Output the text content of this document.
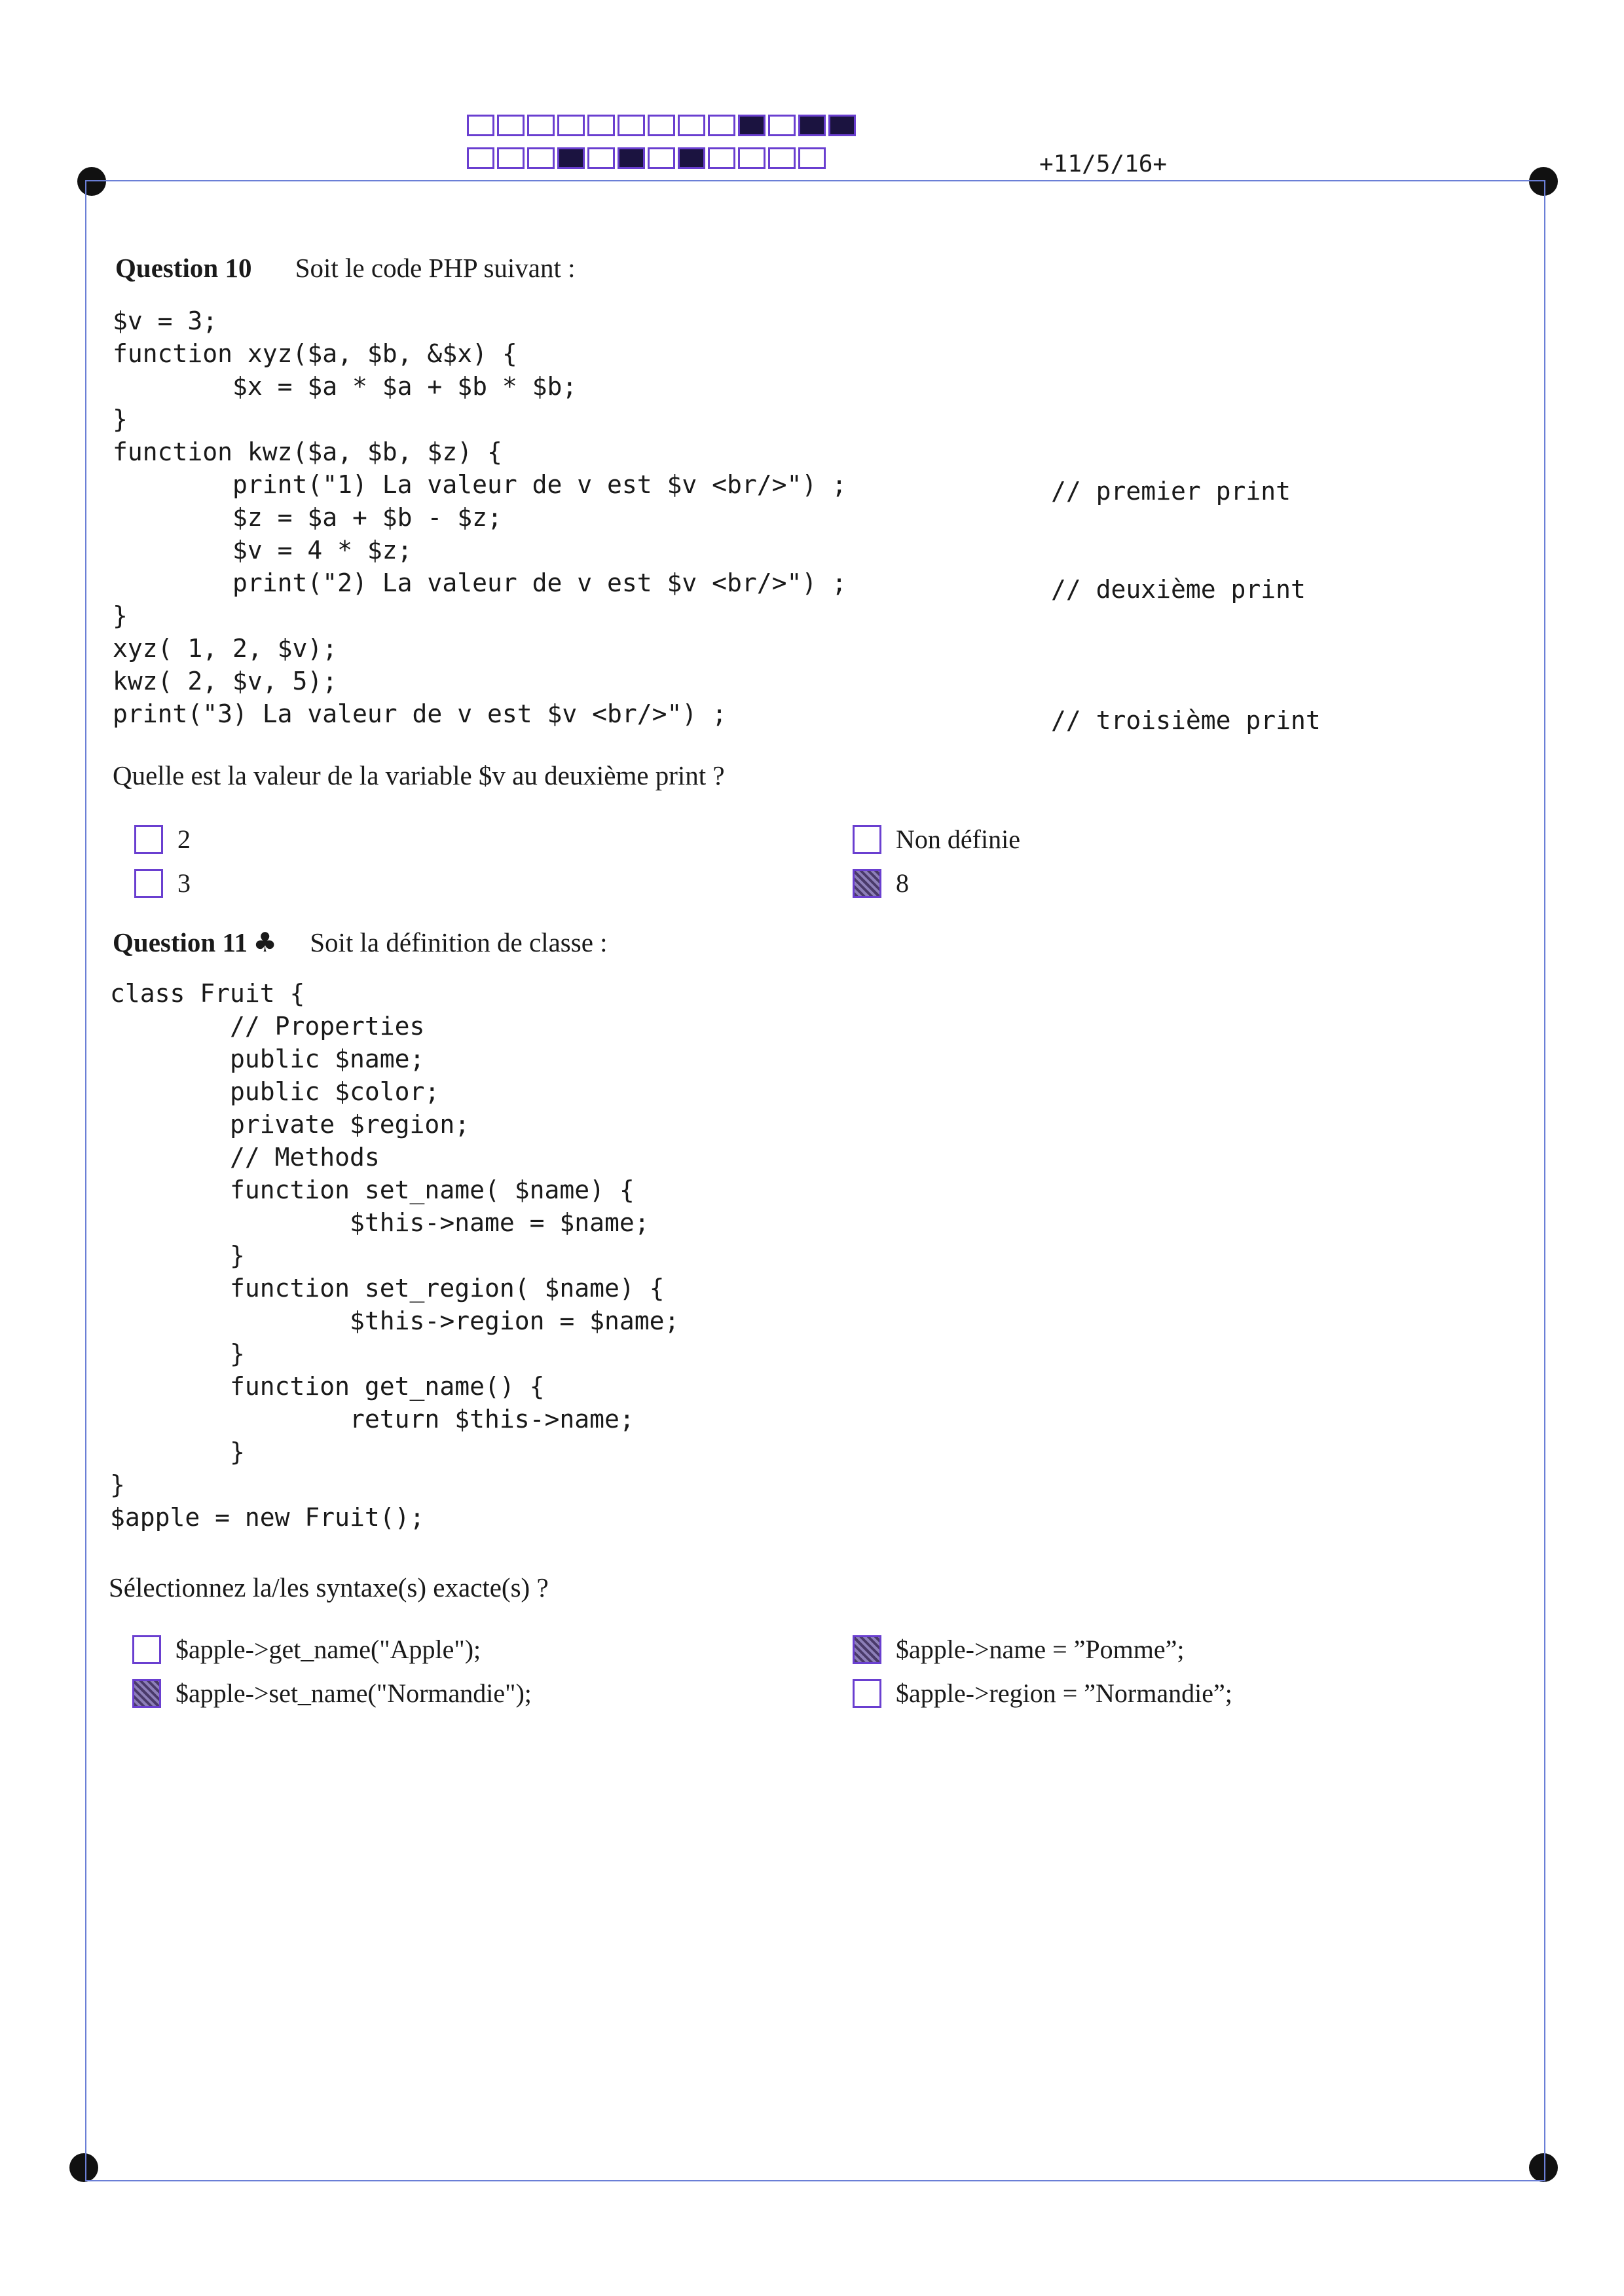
+11/5/16+
Question 10 Soit le code PHP suivant :
$v = 3;
function xyz($a, $b, &$x) {
$x = $a * $a + $b * $b;
}
function kwz($a, $b, $z) {
print("1) La valeur de v est $v <br/>") ;
$z = $a + $b - $z;
$v = 4 * $z;
print("2) La valeur de v est $v <br/>") ;
}
xyz( 1, 2, $v);
kwz( 2, $v, 5);
print("3) La valeur de v est $v <br/>") ;
// premier print
// deuxième print
// troisième print
Quelle est la valeur de la variable $v au deuxième print ?
2
3
Non définie
8
Question 11 ♣ Soit la définition de classe :
class Fruit {
// Properties
public $name;
public $color;
private $region;
// Methods
function set_name( $name) {
$this->name = $name;
}
function set_region( $name) {
$this->region = $name;
}
function get_name() {
return $this->name;
}
}
$apple = new Fruit();
Sélectionnez la/les syntaxe(s) exacte(s) ?
$apple->get_name("Apple");
$apple->set_name("Normandie");
$apple->name = ”Pomme”;
$apple->region = ”Normandie”;
